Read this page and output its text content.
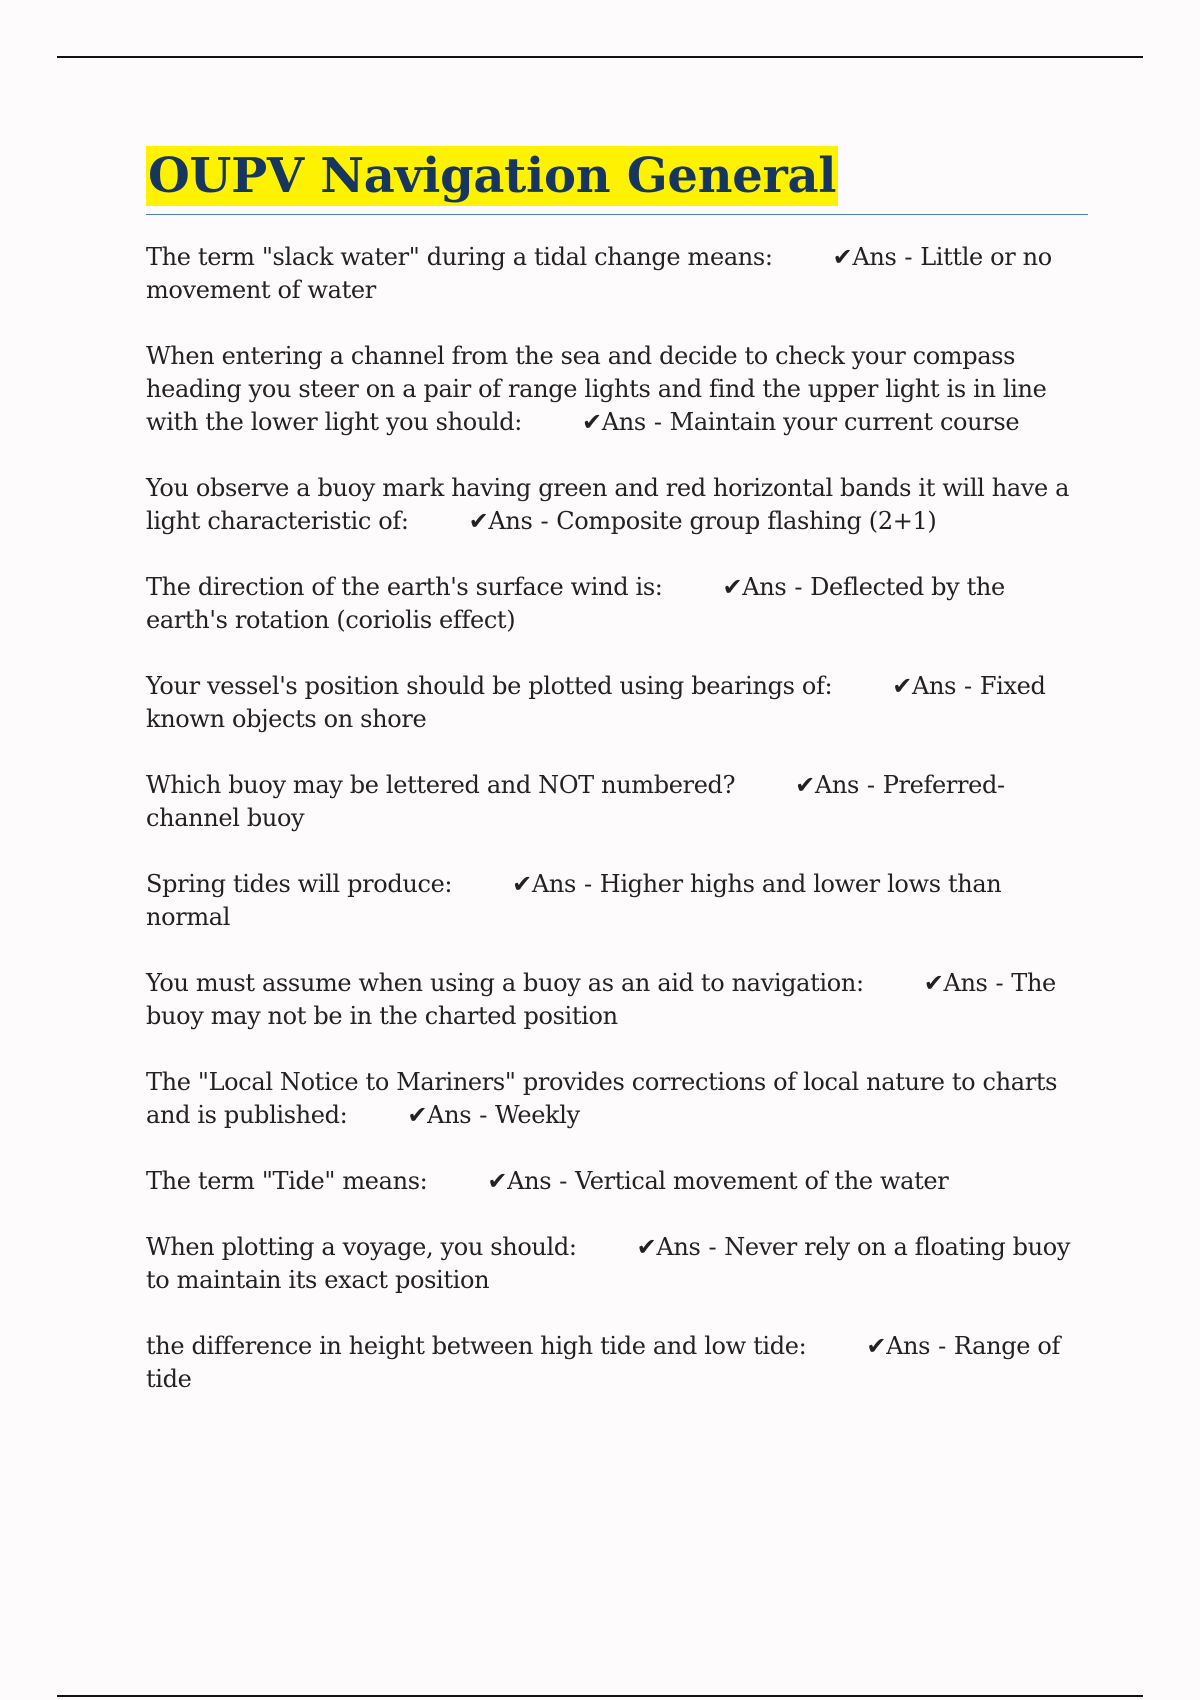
OUPV Navigation General

The term "slack water" during a tidal change means:	✔Ans - Little or no movement of water

When entering a channel from the sea and decide to check your compass heading you steer on a pair of range lights and find the upper light is in line with the lower light you should:	✔Ans - Maintain your current course

You observe a buoy mark having green and red horizontal bands it will have a light characteristic of:	✔Ans - Composite group flashing (2+1)

The direction of the earth's surface wind is:	✔Ans - Deflected by the earth's rotation (coriolis effect)

Your vessel's position should be plotted using bearings of:	✔Ans - Fixed known objects on shore

Which buoy may be lettered and NOT numbered?	✔Ans - Preferred-channel buoy

Spring tides will produce:	✔Ans - Higher highs and lower lows than normal

You must assume when using a buoy as an aid to navigation:	✔Ans - The buoy may not be in the charted position

The "Local Notice to Mariners" provides corrections of local nature to charts and is published:	✔Ans - Weekly

The term "Tide" means:	✔Ans - Vertical movement of the water

When plotting a voyage, you should:	✔Ans - Never rely on a floating buoy to maintain its exact position

the difference in height between high tide and low tide:	✔Ans - Range of tide
